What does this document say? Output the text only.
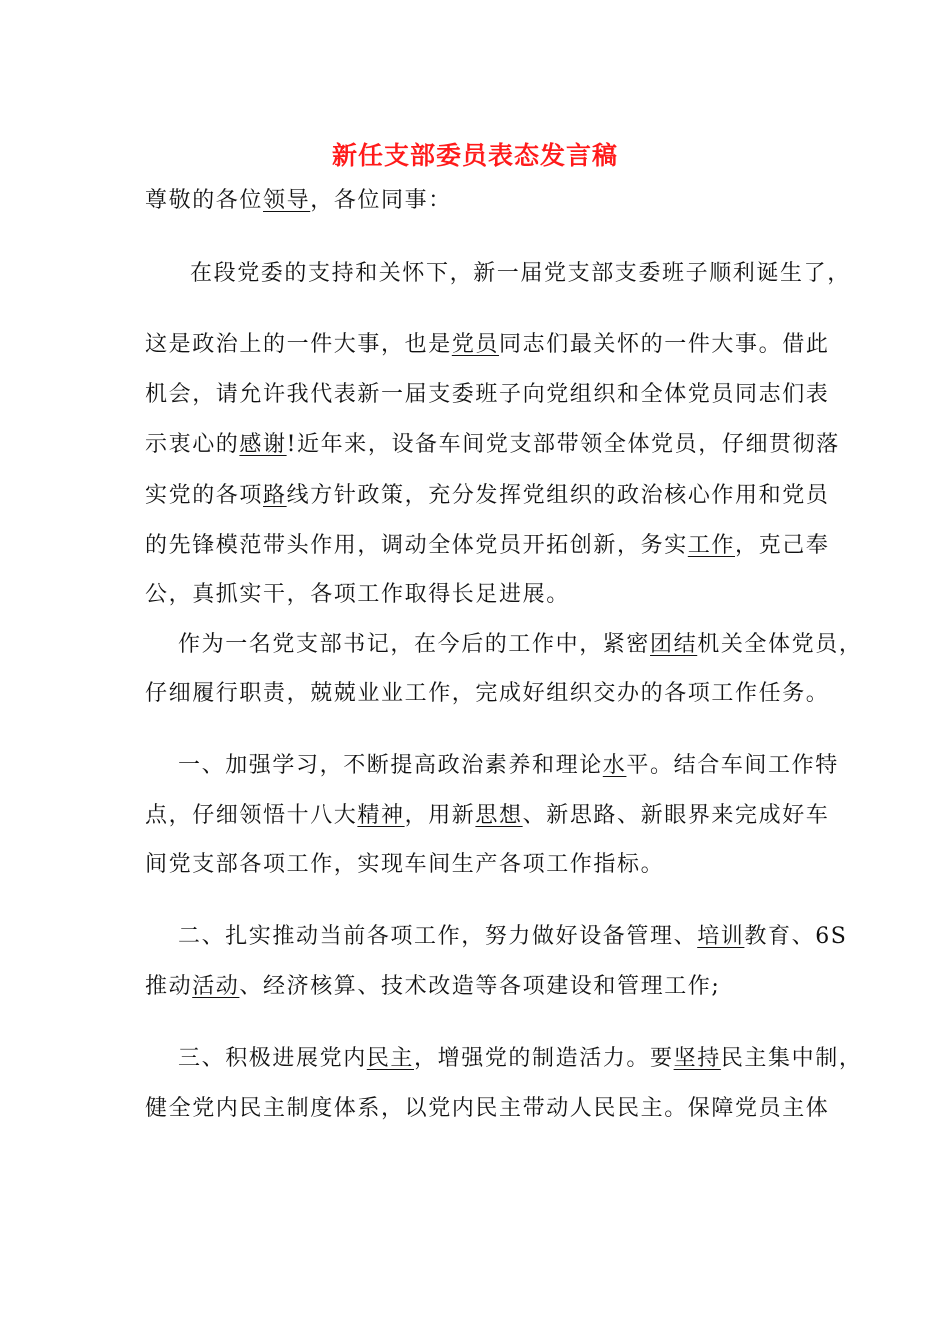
新任支部委员表态发言稿
尊敬的各位领导，各位同事：
在段党委的支持和关怀下，新一届党支部支委班子顺利诞生了，
这是政治上的一件大事，也是党员同志们最关怀的一件大事。借此
机会，请允许我代表新一届支委班子向党组织和全体党员同志们表
示衷心的感谢!近年来，设备车间党支部带领全体党员，仔细贯彻落
实党的各项路线方针政策，充分发挥党组织的政治核心作用和党员
的先锋模范带头作用，调动全体党员开拓创新，务实工作，克己奉
公，真抓实干，各项工作取得长足进展。
作为一名党支部书记，在今后的工作中，紧密团结机关全体党员，
仔细履行职责，兢兢业业工作，完成好组织交办的各项工作任务。
一、加强学习，不断提高政治素养和理论水平。结合车间工作特
点，仔细领悟十八大精神，用新思想、新思路、新眼界来完成好车
间党支部各项工作，实现车间生产各项工作指标。
二、扎实推动当前各项工作，努力做好设备管理、培训教育、6S
推动活动、经济核算、技术改造等各项建设和管理工作;
三、积极进展党内民主，增强党的制造活力。要坚持民主集中制，
健全党内民主制度体系，以党内民主带动人民民主。保障党员主体
